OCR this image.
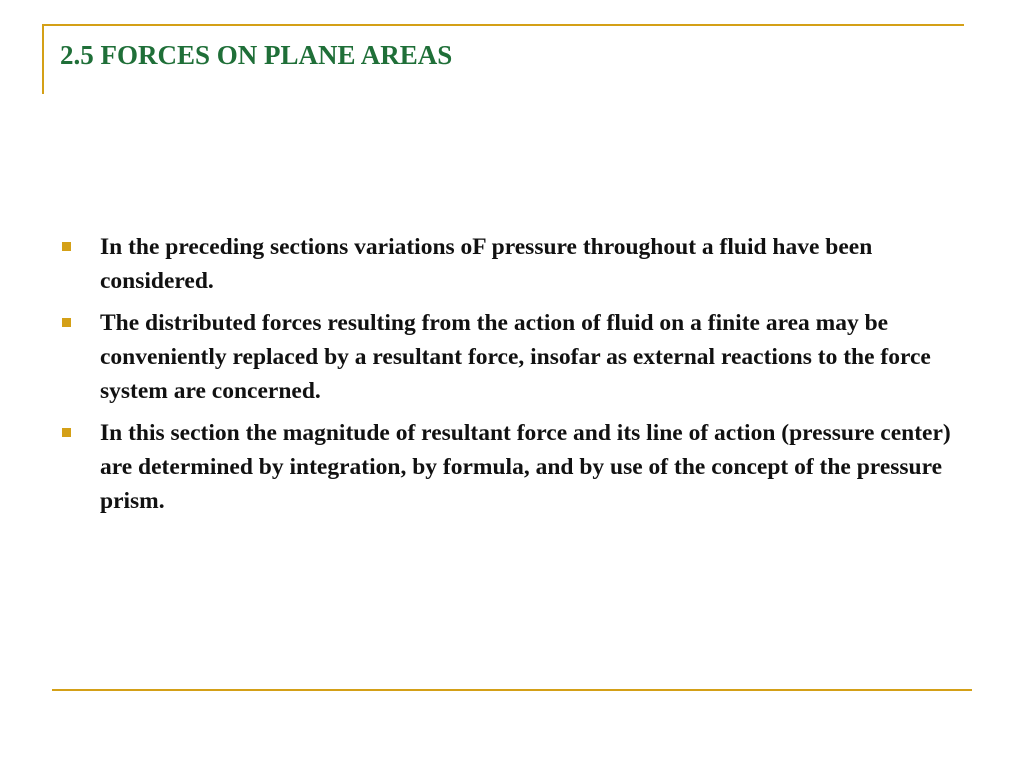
2.5 FORCES ON PLANE AREAS
In the preceding sections variations oF pressure throughout a fluid have been considered.
The distributed forces resulting from the action of fluid on a finite area may be conveniently replaced by a resultant force, insofar as external reactions to the force system are concerned.
In this section the magnitude of resultant force and its line of action (pressure center) are determined by integration, by formula, and by use of the concept of the pressure prism.
